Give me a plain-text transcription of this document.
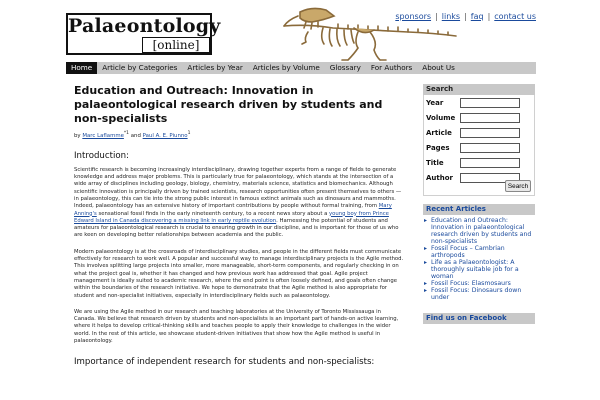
Palaeontology
[online]
sponsors | links | faq | contact us
Home	Article by Categories	Articles by Year	Articles by Volume	Glossary	For Authors	About Us
Education and Outreach: Innovation in palaeontological research driven by students and non-specialists
by Marc Laflamme$^{*1}$ and Paul A. E. Piunno$^1$
Introduction:

Scientific research is becoming increasingly interdisciplinary, drawing together experts from a range of fields to generate knowledge and address major problems. This is particularly true for palaeontology, which stands at the intersection of a wide array of disciplines including geology, biology, chemistry, materials science, statistics and biomechanics. Although scientific innovation is principally driven by trained scientists, research opportunities often present themselves to others — in palaeontology, this can tie into the strong public interest in famous extinct animals such as dinosaurs and mammoths. Indeed, palaeontology has an extensive history of important contributions by people without formal training, from Mary Anning's sensational fossil finds in the early nineteenth century, to a recent news story about a young boy from Prince Edward Island in Canada discovering a missing link in early reptile evolution. Harnessing the potential of students and amateurs for palaeontological research is crucial to ensuring growth in our discipline, and is important for those of us who are keen on developing better relationships between academia and the public.

Modern palaeontology is at the crossroads of interdisciplinary studies, and people in the different fields must communicate effectively for research to work well. A popular and successful way to manage interdisciplinary projects is the Agile method. This involves splitting large projects into smaller, more manageable, short-term components, and regularly checking in on what the project goal is, whether it has changed and how previous work has addressed that goal. Agile project management is ideally suited to academic research, where the end point is often loosely defined, and goals often change within the boundaries of the research initiative. We hope to demonstrate that the Agile method is also appropriate for student and non-specialist initiatives, especially in interdisciplinary fields such as palaeontology.

We are using the Agile method in our research and teaching laboratories at the University of Toronto Mississauga in Canada. We believe that research driven by students and non-specialists is an important part of hands-on active learning, where it helps to develop critical-thinking skills and teaches people to apply their knowledge to challenges in the wider world. In the rest of this article, we showcase student-driven initiatives that show how the Agile method is useful in palaeontology.

Importance of independent research for students and non-specialists:
Search
Year
Volume
Article
Pages
Title
Author
Search
Recent Articles
▸ Education and Outreach: Innovation in palaeontological research driven by students and non-specialists
▸ Fossil Focus – Cambrian arthropods
▸ Life as a Palaeontologist: A thoroughly suitable job for a woman
▸ Fossil Focus: Elasmosaurs
▸ Fossil Focus: Dinosaurs down under
Find us on Facebook
